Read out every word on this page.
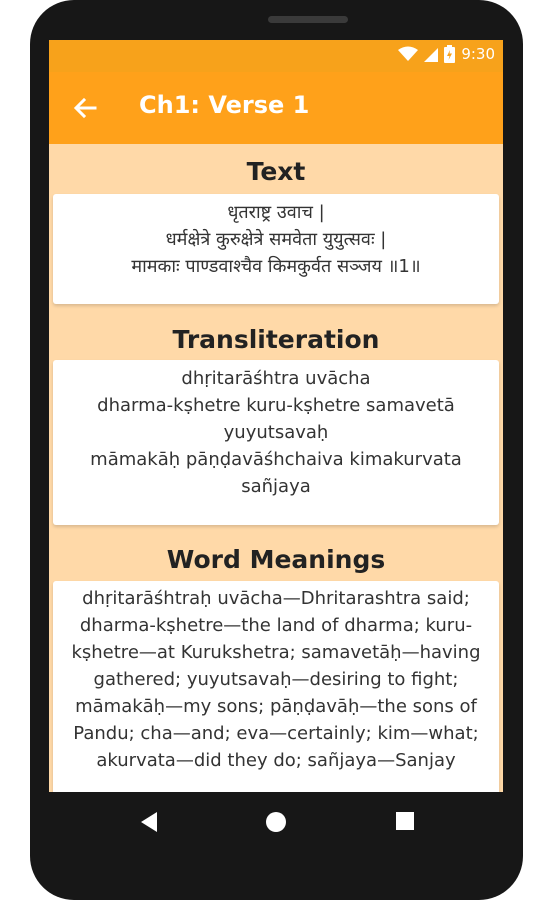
9:30
Ch1: Verse 1
Text
धृतराष्ट्र उवाच |
धर्मक्षेत्रे कुरुक्षेत्रे समवेता युयुत्सवः |
मामकाः पाण्डवाश्चैव किमकुर्वत सञ्जय ॥1॥
Transliteration
dhṛitarāśhtra uvācha
dharma-kṣhetre kuru-kṣhetre samavetā
yuyutsavaḥ
māmakāḥ pāṇḍavāśhchaiva kimakurvata
sañjaya
Word Meanings
dhṛitarāśhtraḥ uvācha—Dhritarashtra said;
dharma-kṣhetre—the land of dharma; kuru-
kṣhetre—at Kurukshetra; samavetāḥ—having
gathered; yuyutsavaḥ—desiring to fight;
māmakāḥ—my sons; pāṇḍavāḥ—the sons of
Pandu; cha—and; eva—certainly; kim—what;
akurvata—did they do; sañjaya—Sanjay
